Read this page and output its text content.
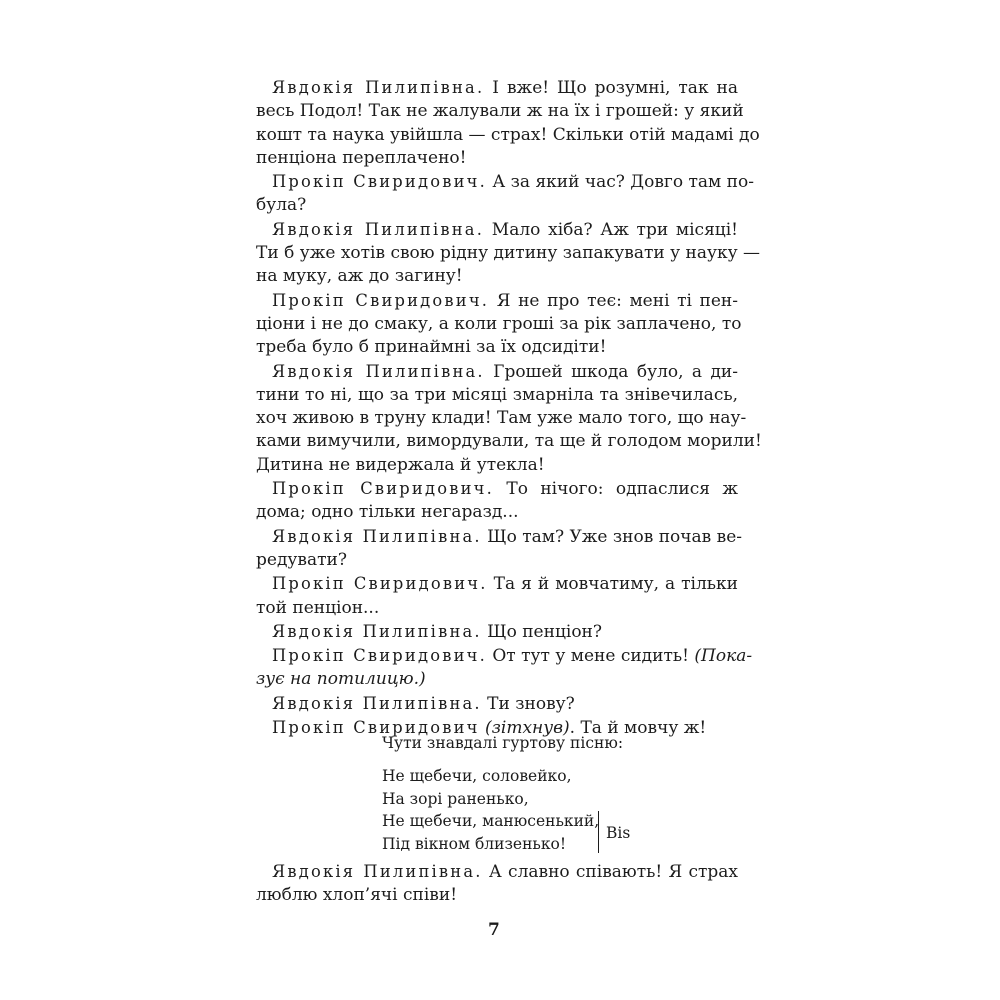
Явдокія Пилипівна. І вже! Що розумні, так на
весь Подол! Так не жалували ж на їх і грошей: у який
кошт та наука увійшла — страх! Скільки отій мадамі до
пенціона переплачено!

Прокіп Свиридович. А за який час? Довго там по-
була?

Явдокія Пилипівна. Мало хіба? Аж три місяці!
Ти б уже хотів свою рідну дитину запакувати у науку —
на муку, аж до загину!

Прокіп Свиридович. Я не про теє: мені ті пен-
ціони і не до смаку, а коли гроші за рік заплачено, то
треба було б принаймні за їх одсидіти!

Явдокія Пилипівна. Грошей шкода було, а ди-
тини то ні, що за три місяці змарніла та знівечилась,
хоч живою в труну клади! Там уже мало того, що нау-
ками вимучили, вимордували, та ще й голодом морили!
Дитина не видержала й утекла!

Прокіп Свиридович. То нічого: одпаслися ж
дома; одно тільки негаразд...

Явдокія Пилипівна. Що там? Уже знов почав ве-
редувати?

Прокіп Свиридович. Та я й мовчатиму, а тільки
той пенціон...

Явдокія Пилипівна. Що пенціон?

Прокіп Свиридович. От тут у мене сидить! (Пока-
зує на потилицю.)

Явдокія Пилипівна. Ти знову?

Прокіп Свиридович (зітхнув). Та й мовчу ж!

Чути знавдалі гуртову пісню:
Не щебечи, соловейко,
На зорі раненько,
Не щебечи, манюсенький,
Під вікном близенько!
Bis

Явдокія Пилипівна. А славно співають! Я страх
люблю хлоп’ячі співи!

7
